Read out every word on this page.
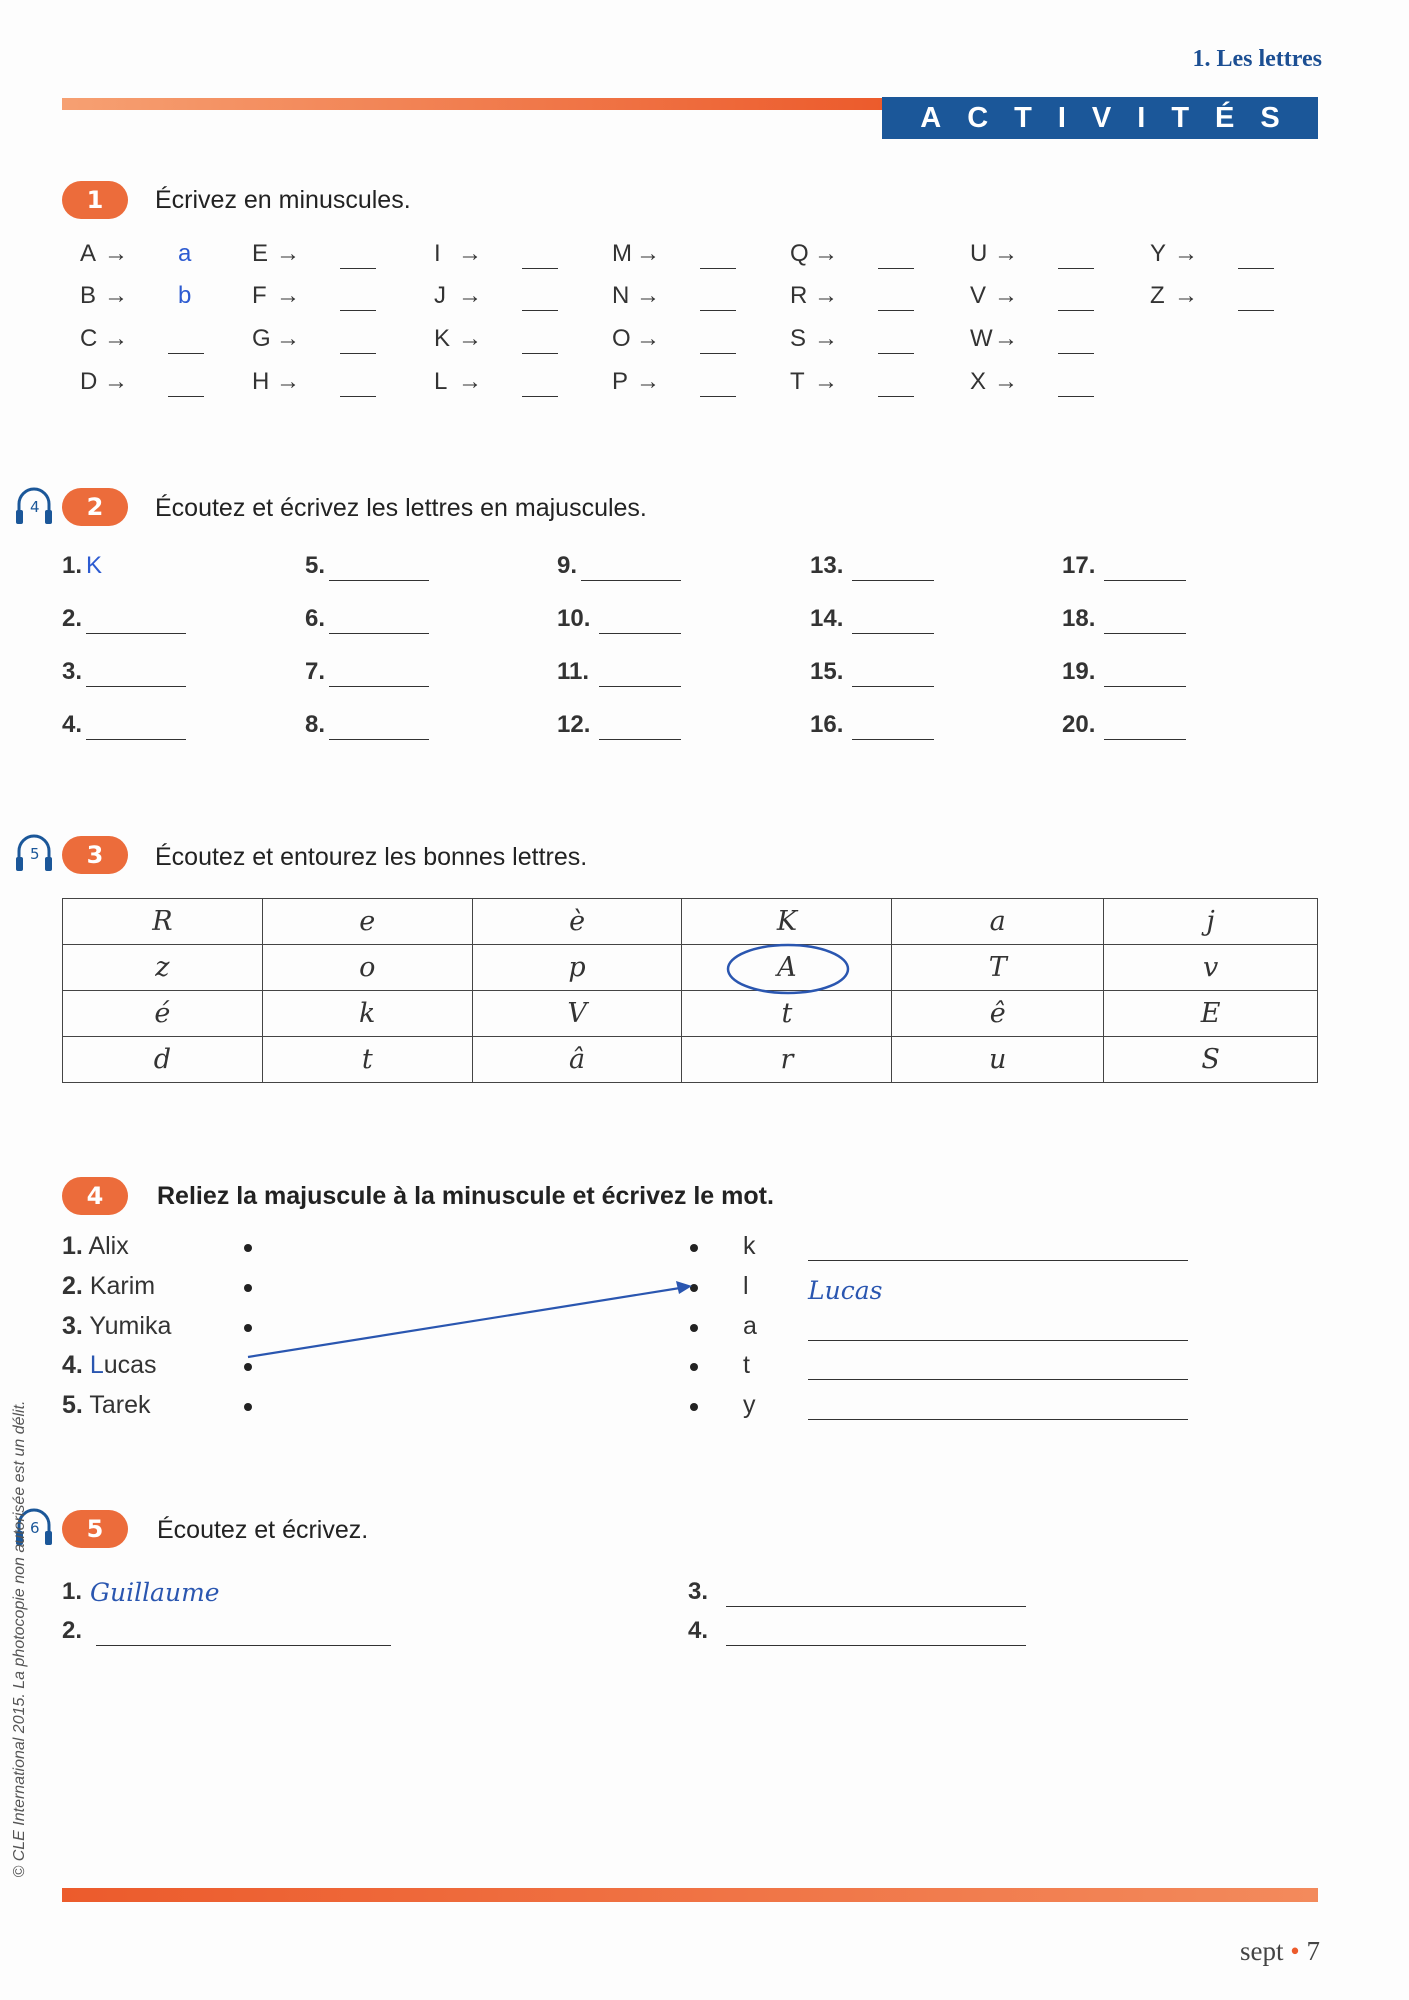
1. Les lettres
ACTIVITÉS
1	Écrivez en minuscules.
A → a
B → b
C →
D →
E →
F →
G →
H →
I →
J →
K →
L →
M →
N →
O →
P →
Q →
R →
S →
T →
U →
V →
W →
X →
Y →
Z →
4	2	Écoutez et écrivez les lettres en majuscules.
1. K
2.
3.
4.
5.
6.
7.
8.
9.
10.
11.
12.
13.
14.
15.
16.
17.
18.
19.
20.
5	3	Écoutez et entourez les bonnes lettres.
R	e	è	K	a	j
z	o	p	A	T	v
é	k	V	t	ê	E
d	t	â	r	u	S
4	Reliez la majuscule à la minuscule et écrivez le mot.
1. Alix	k
2. Karim	l Lucas
3. Yumika	a
4. Lucas	t
5. Tarek	y
6	5	Écoutez et écrivez.
1. Guillaume
2.
3.
4.
© CLE International 2015. La photocopie non autorisée est un délit.
sept • 7
